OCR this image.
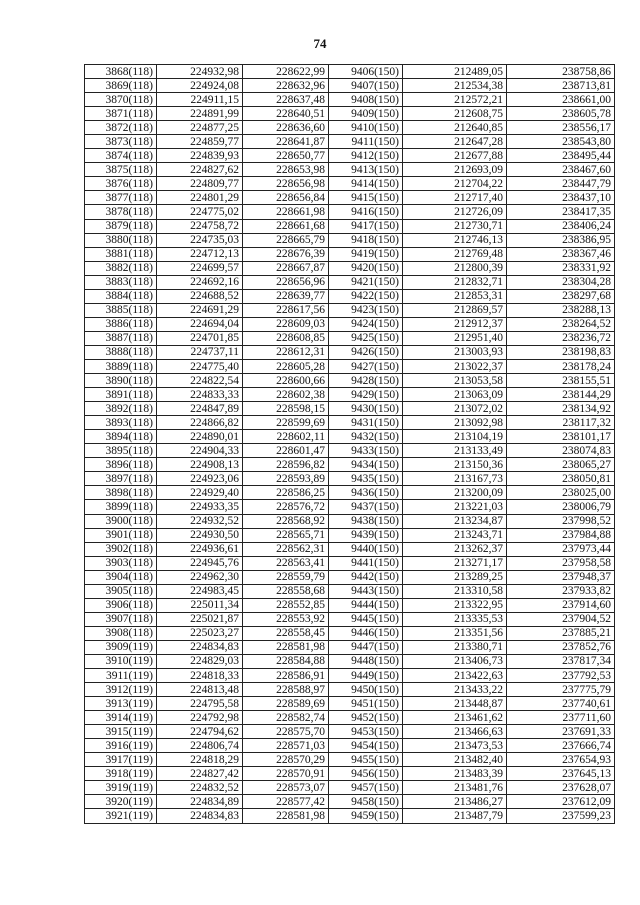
74
3868(118)	224932,98	228622,99	9406(150)	212489,05	238758,86
3869(118)	224924,08	228632,96	9407(150)	212534,38	238713,81
3870(118)	224911,15	228637,48	9408(150)	212572,21	238661,00
3871(118)	224891,99	228640,51	9409(150)	212608,75	238605,78
3872(118)	224877,25	228636,60	9410(150)	212640,85	238556,17
3873(118)	224859,77	228641,87	9411(150)	212647,28	238543,80
3874(118)	224839,93	228650,77	9412(150)	212677,88	238495,44
3875(118)	224827,62	228653,98	9413(150)	212693,09	238467,60
3876(118)	224809,77	228656,98	9414(150)	212704,22	238447,79
3877(118)	224801,29	228656,84	9415(150)	212717,40	238437,10
3878(118)	224775,02	228661,98	9416(150)	212726,09	238417,35
3879(118)	224758,72	228661,68	9417(150)	212730,71	238406,24
3880(118)	224735,03	228665,79	9418(150)	212746,13	238386,95
3881(118)	224712,13	228676,39	9419(150)	212769,48	238367,46
3882(118)	224699,57	228667,87	9420(150)	212800,39	238331,92
3883(118)	224692,16	228656,96	9421(150)	212832,71	238304,28
3884(118)	224688,52	228639,77	9422(150)	212853,31	238297,68
3885(118)	224691,29	228617,56	9423(150)	212869,57	238288,13
3886(118)	224694,04	228609,03	9424(150)	212912,37	238264,52
3887(118)	224701,85	228608,85	9425(150)	212951,40	238236,72
3888(118)	224737,11	228612,31	9426(150)	213003,93	238198,83
3889(118)	224775,40	228605,28	9427(150)	213022,37	238178,24
3890(118)	224822,54	228600,66	9428(150)	213053,58	238155,51
3891(118)	224833,33	228602,38	9429(150)	213063,09	238144,29
3892(118)	224847,89	228598,15	9430(150)	213072,02	238134,92
3893(118)	224866,82	228599,69	9431(150)	213092,98	238117,32
3894(118)	224890,01	228602,11	9432(150)	213104,19	238101,17
3895(118)	224904,33	228601,47	9433(150)	213133,49	238074,83
3896(118)	224908,13	228596,82	9434(150)	213150,36	238065,27
3897(118)	224923,06	228593,89	9435(150)	213167,73	238050,81
3898(118)	224929,40	228586,25	9436(150)	213200,09	238025,00
3899(118)	224933,35	228576,72	9437(150)	213221,03	238006,79
3900(118)	224932,52	228568,92	9438(150)	213234,87	237998,52
3901(118)	224930,50	228565,71	9439(150)	213243,71	237984,88
3902(118)	224936,61	228562,31	9440(150)	213262,37	237973,44
3903(118)	224945,76	228563,41	9441(150)	213271,17	237958,58
3904(118)	224962,30	228559,79	9442(150)	213289,25	237948,37
3905(118)	224983,45	228558,68	9443(150)	213310,58	237933,82
3906(118)	225011,34	228552,85	9444(150)	213322,95	237914,60
3907(118)	225021,87	228553,92	9445(150)	213335,53	237904,52
3908(118)	225023,27	228558,45	9446(150)	213351,56	237885,21
3909(119)	224834,83	228581,98	9447(150)	213380,71	237852,76
3910(119)	224829,03	228584,88	9448(150)	213406,73	237817,34
3911(119)	224818,33	228586,91	9449(150)	213422,63	237792,53
3912(119)	224813,48	228588,97	9450(150)	213433,22	237775,79
3913(119)	224795,58	228589,69	9451(150)	213448,87	237740,61
3914(119)	224792,98	228582,74	9452(150)	213461,62	237711,60
3915(119)	224794,62	228575,70	9453(150)	213466,63	237691,33
3916(119)	224806,74	228571,03	9454(150)	213473,53	237666,74
3917(119)	224818,29	228570,29	9455(150)	213482,40	237654,93
3918(119)	224827,42	228570,91	9456(150)	213483,39	237645,13
3919(119)	224832,52	228573,07	9457(150)	213481,76	237628,07
3920(119)	224834,89	228577,42	9458(150)	213486,27	237612,09
3921(119)	224834,83	228581,98	9459(150)	213487,79	237599,23
